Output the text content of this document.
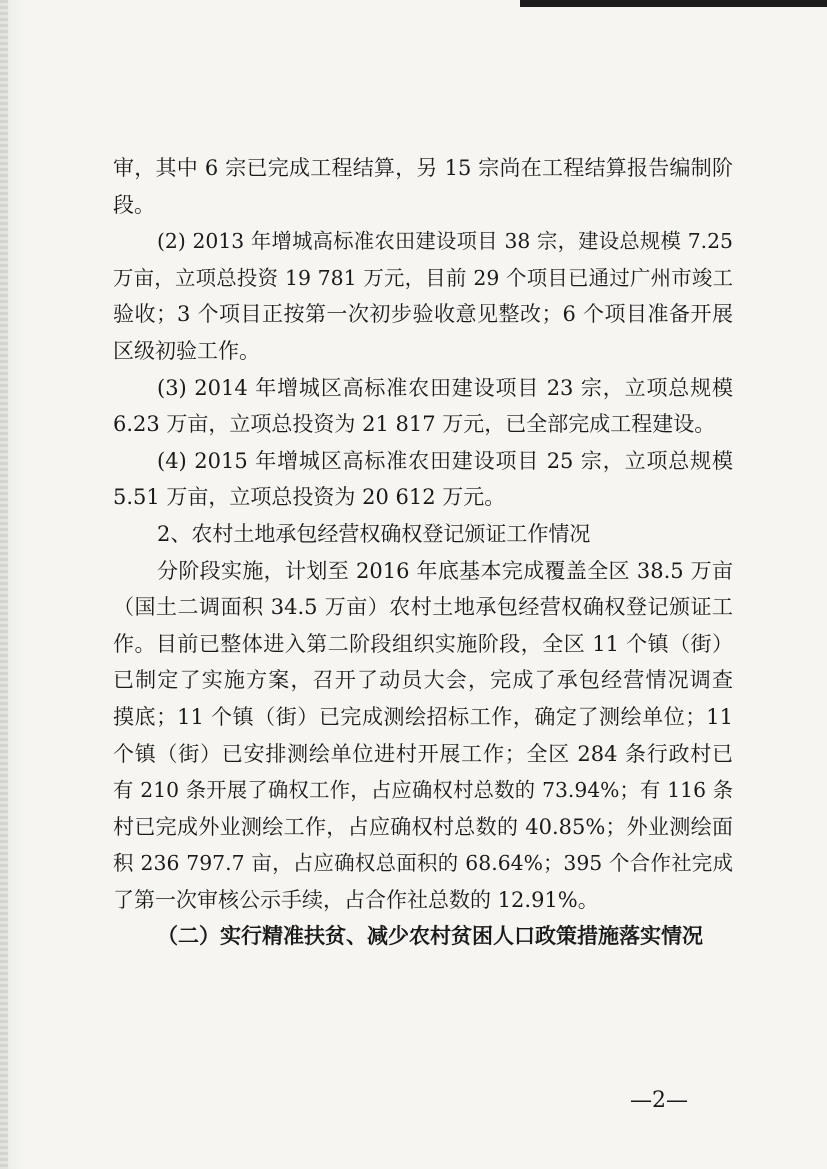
审，其中 6 宗已完成工程结算，另 15 宗尚在工程结算报告编制阶
段。

(2) 2013 年增城高标准农田建设项目 38 宗，建设总规模 7.25
万亩，立项总投资 19 781 万元，目前 29 个项目已通过广州市竣工
验收；3 个项目正按第一次初步验收意见整改；6 个项目准备开展
区级初验工作。

(3) 2014 年增城区高标准农田建设项目 23 宗，立项总规模
6.23 万亩，立项总投资为 21 817 万元，已全部完成工程建设。

(4) 2015 年增城区高标准农田建设项目 25 宗，立项总规模
5.51 万亩，立项总投资为 20 612 万元。

2、农村土地承包经营权确权登记颁证工作情况

分阶段实施，计划至 2016 年底基本完成覆盖全区 38.5 万亩
（国土二调面积 34.5 万亩）农村土地承包经营权确权登记颁证工
作。目前已整体进入第二阶段组织实施阶段，全区 11 个镇（街）
已制定了实施方案，召开了动员大会，完成了承包经营情况调查
摸底；11 个镇（街）已完成测绘招标工作，确定了测绘单位；11
个镇（街）已安排测绘单位进村开展工作；全区 284 条行政村已
有 210 条开展了确权工作，占应确权村总数的 73.94%；有 116 条
村已完成外业测绘工作，占应确权村总数的 40.85%；外业测绘面
积 236 797.7 亩，占应确权总面积的 68.64%；395 个合作社完成
了第一次审核公示手续，占合作社总数的 12.91%。

（二）实行精准扶贫、减少农村贫困人口政策措施落实情况

—2—
